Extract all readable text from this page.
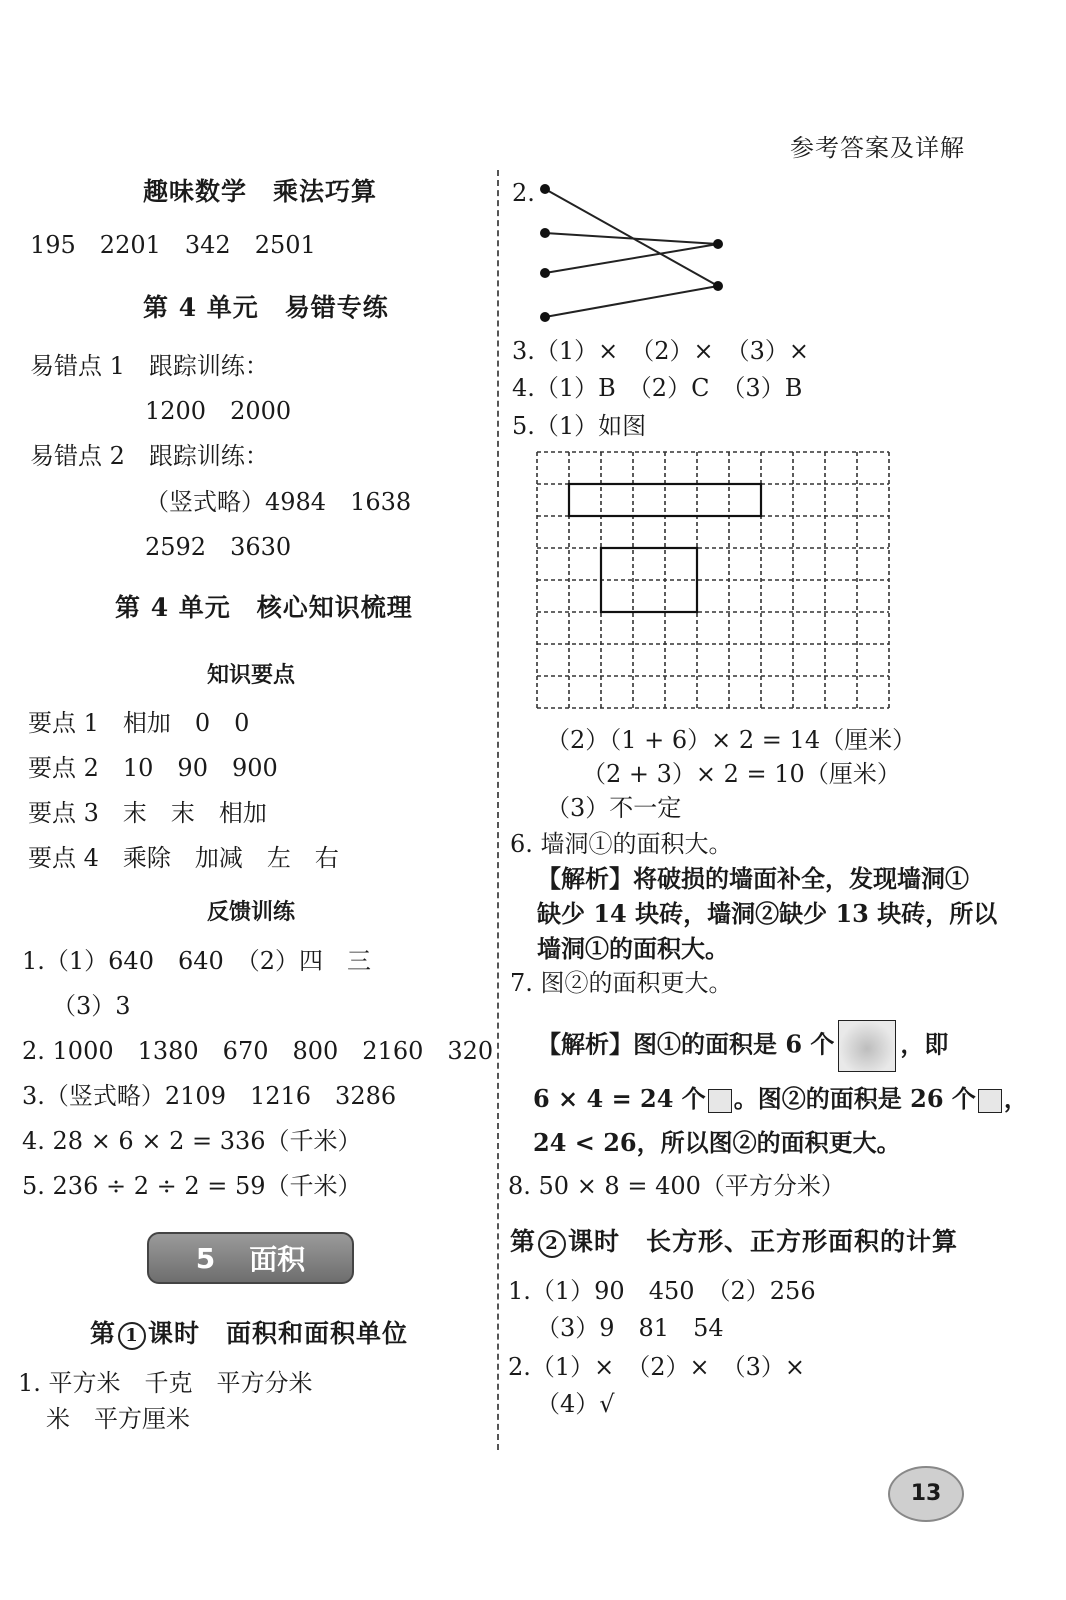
参考答案及详解
趣味数学　乘法巧算
195　2201　342　2501
第 4 单元　易错专练
易错点 1　跟踪训练：
1200　2000
易错点 2　跟踪训练：
（竖式略）4984　1638
2592　3630
第 4 单元　核心知识梳理
知识要点
要点 1　相加　0　0
要点 2　10　90　900
要点 3　末　末　相加
要点 4　乘除　加减　左　右
反馈训练
1.（1）640　640　（2）四　三
（3）3
2. 1000　1380　670　800　2160　320
3.（竖式略）2109　1216　3286
4. 28 × 6 × 2 = 336（千米）
5. 236 ÷ 2 ÷ 2 = 59（千米）
5 面积
第 1 课时　面积和面积单位
1. 平方米　千克　平方分米
米　平方厘米
2.
3.（1）×　（2）×　（3）×
4.（1）B　（2）C　（3）B
5.（1）如图
（2）（1 + 6）× 2 = 14（厘米）
（2 + 3）× 2 = 10（厘米）
（3）不一定
6. 墙洞①的面积大。
【解析】将破损的墙面补全，发现墙洞①
缺少 14 块砖，墙洞②缺少 13 块砖，所以
墙洞①的面积大。
7. 图②的面积更大。
【解析】图①的面积是 6 个	，即
6 × 4 = 24 个 。图②的面积是 26 个 ，
24 < 26，所以图②的面积更大。
8. 50 × 8 = 400（平方分米）
第 2 课时　长方形、正方形面积的计算
1.（1）90　450　（2）256
（3）9　81　54
2.（1）×　（2）×　（3）×
（4）√
13
